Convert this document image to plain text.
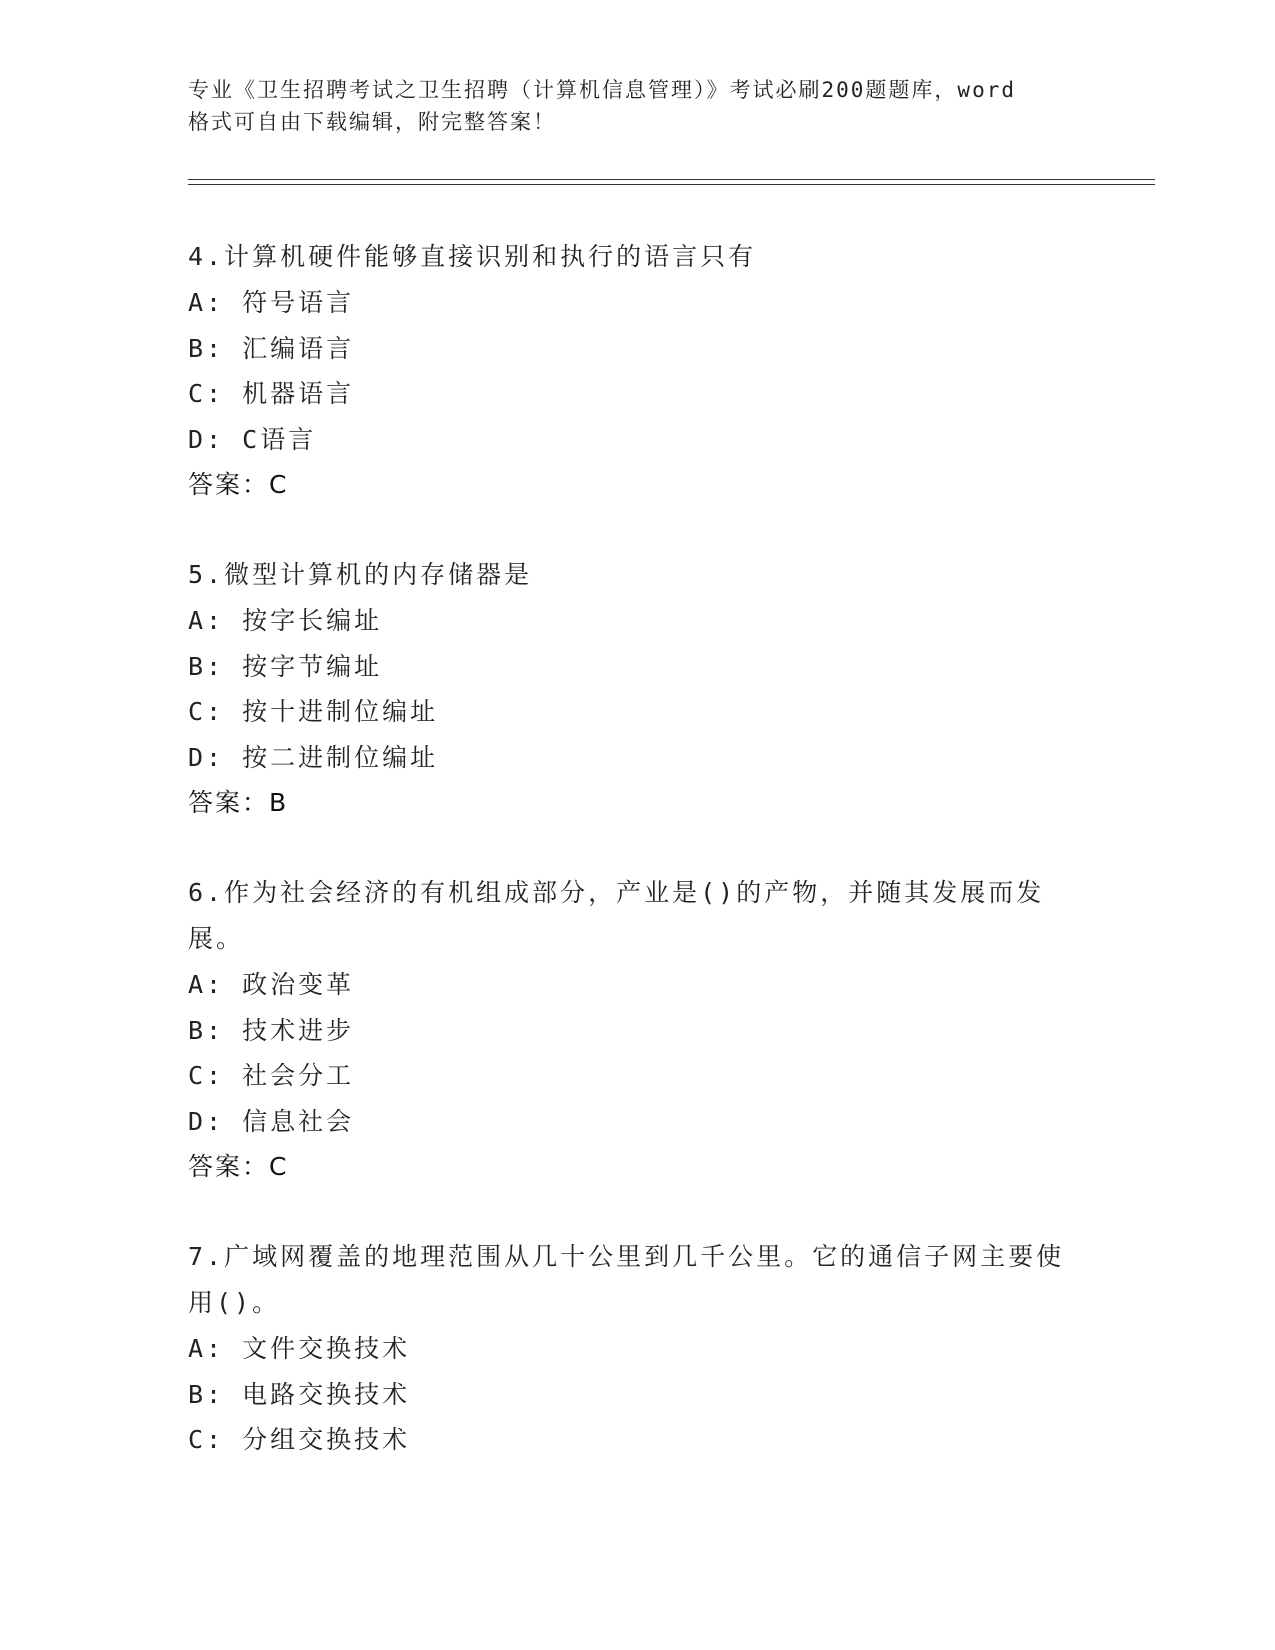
专业《卫生招聘考试之卫生招聘（计算机信息管理）》考试必刷200题题库，word
格式可自由下载编辑，附完整答案！
4.计算机硬件能够直接识别和执行的语言只有
A: 符号语言
B: 汇编语言
C: 机器语言
D: C语言
答案：C
5.微型计算机的内存储器是
A: 按字长编址
B: 按字节编址
C: 按十进制位编址
D: 按二进制位编址
答案：B
6.作为社会经济的有机组成部分，产业是()的产物，并随其发展而发展。
A: 政治变革
B: 技术进步
C: 社会分工
D: 信息社会
答案：C
7.广域网覆盖的地理范围从几十公里到几千公里。它的通信子网主要使用()。
A: 文件交换技术
B: 电路交换技术
C: 分组交换技术
